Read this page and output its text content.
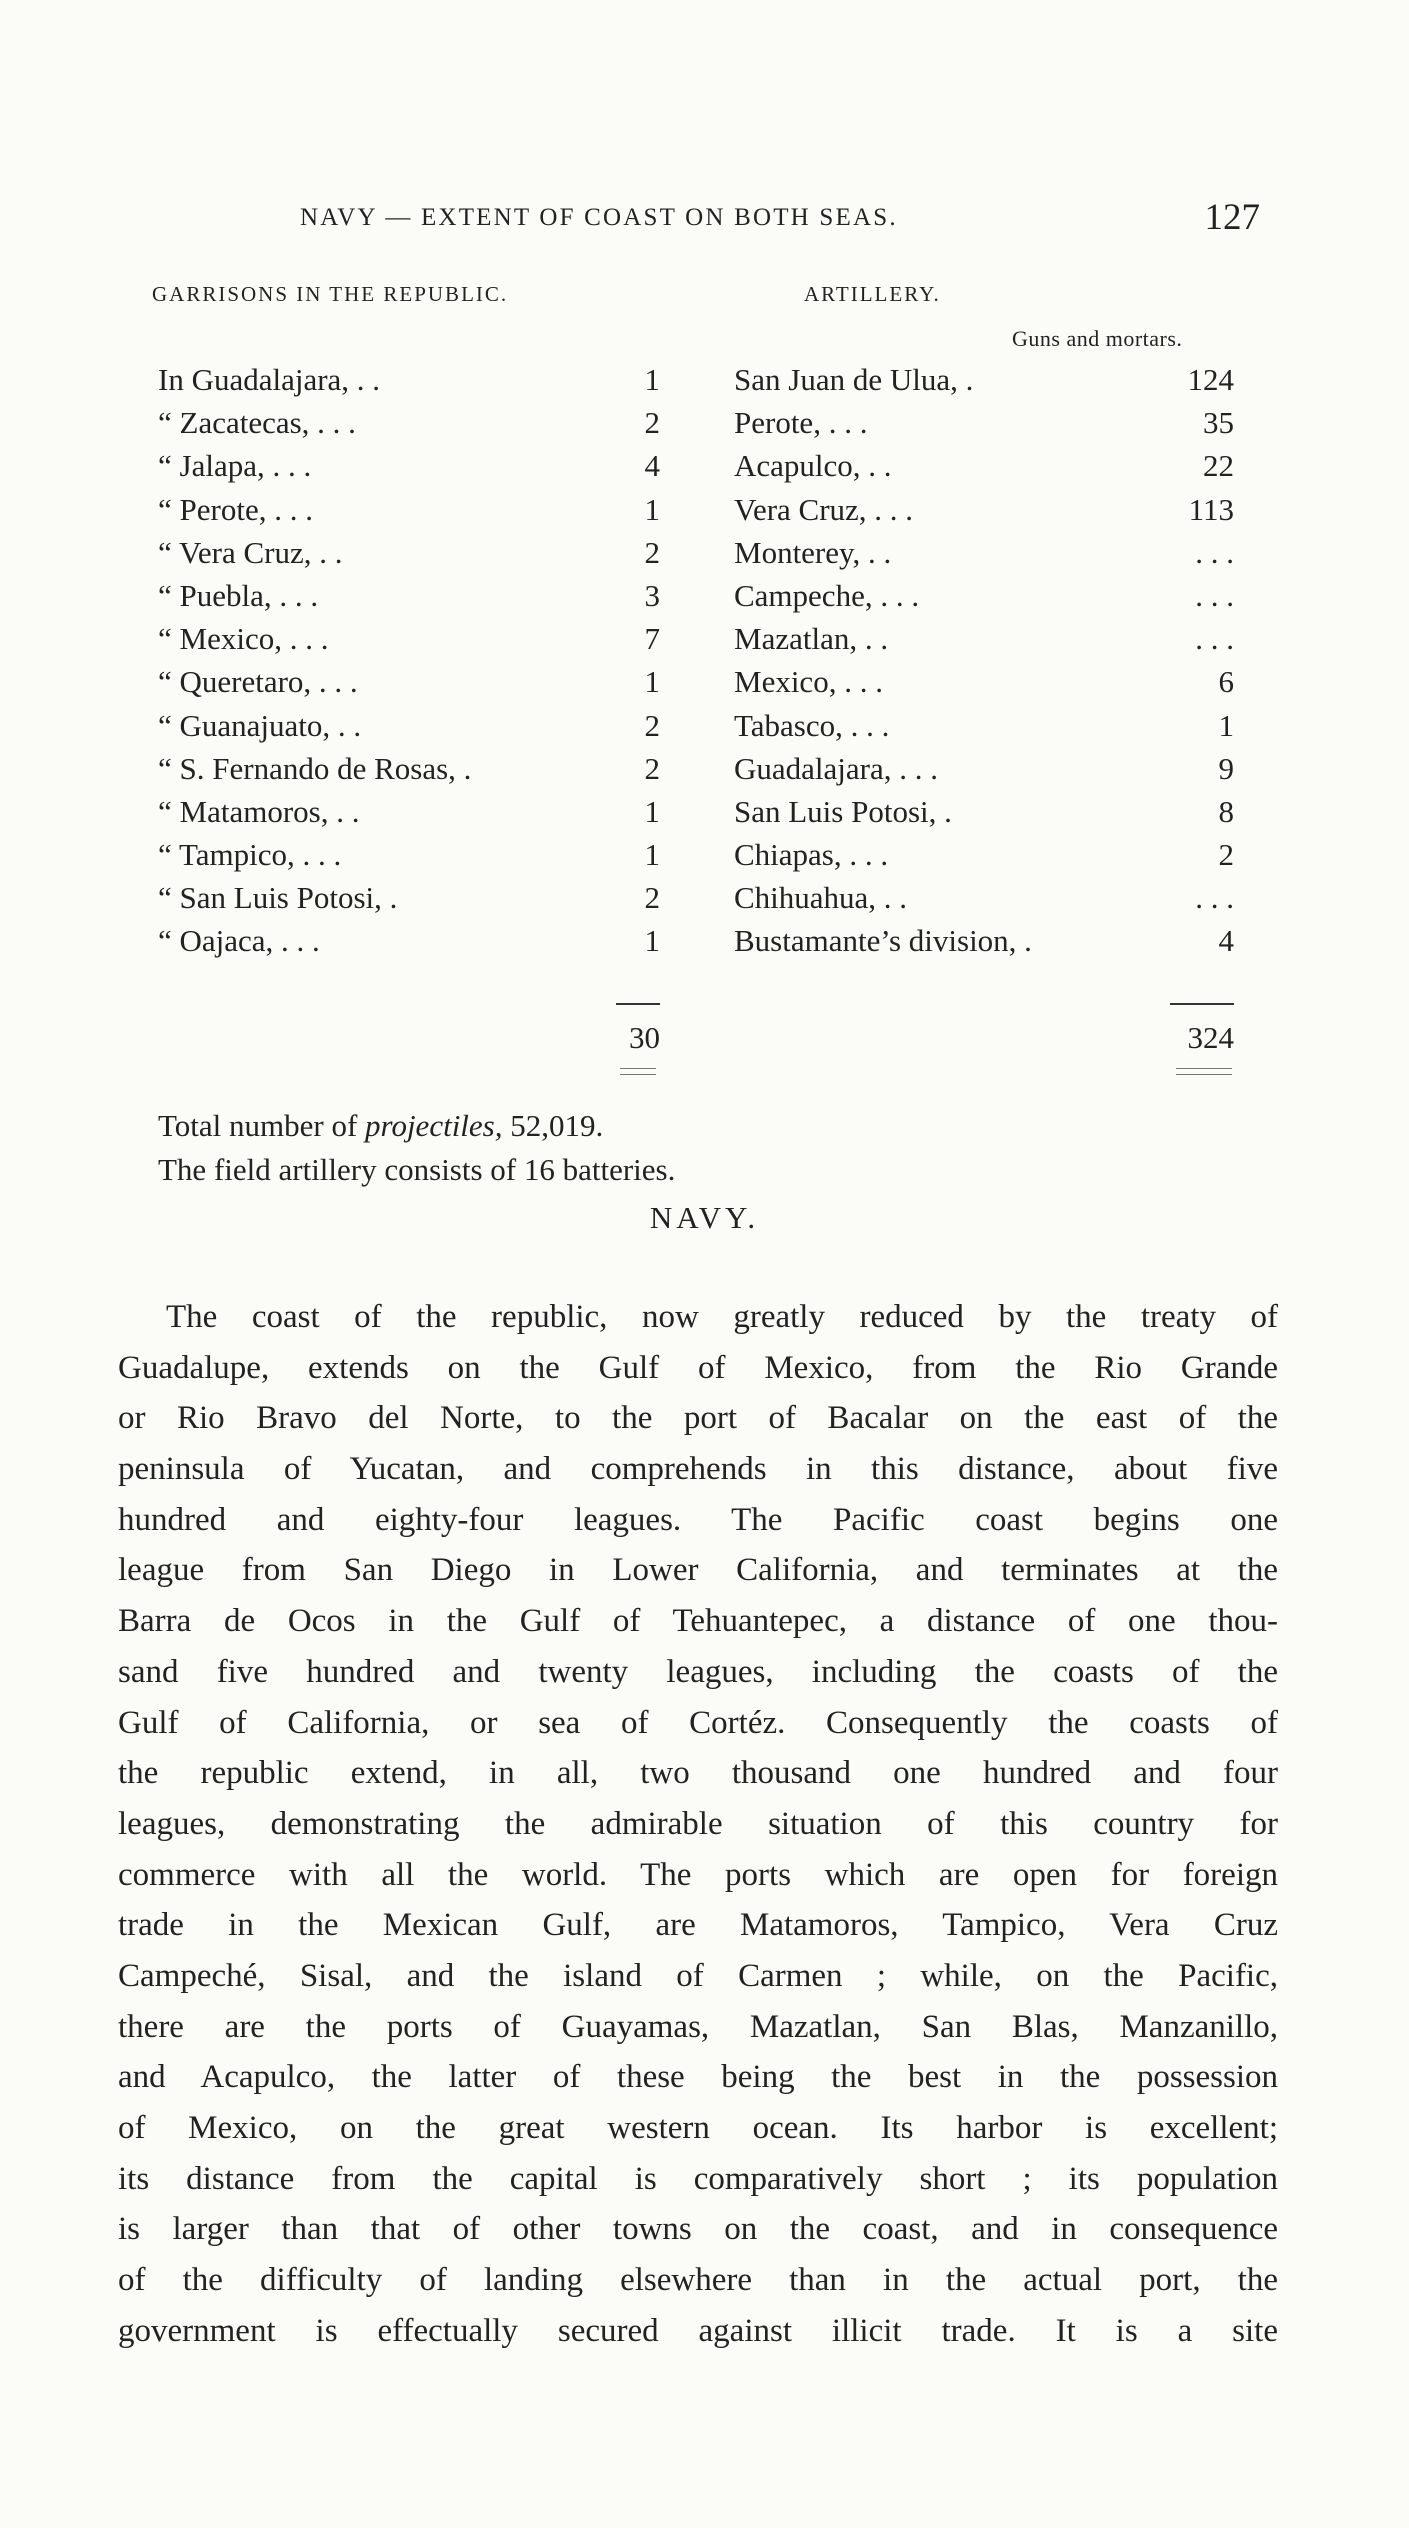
NAVY — EXTENT OF COAST ON BOTH SEAS.	127
GARRISONS IN THE REPUBLIC.	ARTILLERY.
Guns and mortars.
In Guadalajara, . .	1
“ Zacatecas, . . .	2
“ Jalapa, . . .	4
“ Perote, . . .	1
“ Vera Cruz, . .	2
“ Puebla, . . .	3
“ Mexico, . . .	7
“ Queretaro, . . .	1
“ Guanajuato, . .	2
“ S. Fernando de Rosas, .	2
“ Matamoros, . .	1
“ Tampico, . . .	1
“ San Luis Potosi, .	2
“ Oajaca, . . .	1
San Juan de Ulua, .	124
Perote, . . .	35
Acapulco, . .	22
Vera Cruz, . . .	113
Monterey, . .	. . .
Campeche, . . .	. . .
Mazatlan, . .	. . .
Mexico, . . .	6
Tabasco, . . .	1
Guadalajara, . . .	9
San Luis Potosi, .	8
Chiapas, . . .	2
Chihuahua, . .	. . .
Bustamante’s division, .	4
30	324
Total number of projectiles, 52,019.
The field artillery consists of 16 batteries.
NAVY.
The coast of the republic, now greatly reduced by the treaty of
Guadalupe, extends on the Gulf of Mexico, from the Rio Grande
or Rio Bravo del Norte, to the port of Bacalar on the east of the
peninsula of Yucatan, and comprehends in this distance, about five
hundred and eighty-four leagues. The Pacific coast begins one
league from San Diego in Lower California, and terminates at the
Barra de Ocos in the Gulf of Tehuantepec, a distance of one thou-
sand five hundred and twenty leagues, including the coasts of the
Gulf of California, or sea of Cortéz. Consequently the coasts of
the republic extend, in all, two thousand one hundred and four
leagues, demonstrating the admirable situation of this country for
commerce with all the world. The ports which are open for foreign
trade in the Mexican Gulf, are Matamoros, Tampico, Vera Cruz
Campeché, Sisal, and the island of Carmen ; while, on the Pacific,
there are the ports of Guayamas, Mazatlan, San Blas, Manzanillo,
and Acapulco, the latter of these being the best in the possession
of Mexico, on the great western ocean. Its harbor is excellent;
its distance from the capital is comparatively short ; its population
is larger than that of other towns on the coast, and in consequence
of the difficulty of landing elsewhere than in the actual port, the
government is effectually secured against illicit trade. It is a site
